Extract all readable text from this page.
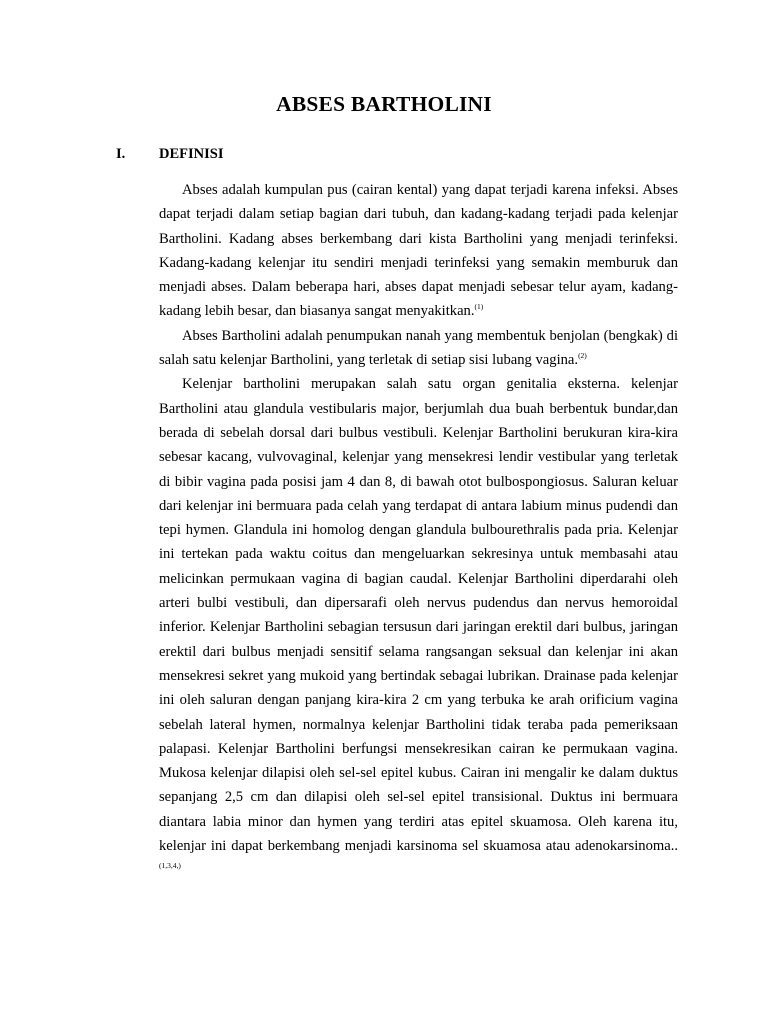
ABSES BARTHOLINI
I. DEFINISI

Abses adalah kumpulan pus (cairan kental) yang dapat terjadi karena infeksi. Abses dapat terjadi dalam setiap bagian dari tubuh, dan kadang-kadang terjadi pada kelenjar Bartholini. Kadang abses berkembang dari kista Bartholini yang menjadi terinfeksi. Kadang-kadang kelenjar itu sendiri menjadi terinfeksi yang semakin memburuk dan menjadi abses. Dalam beberapa hari, abses dapat menjadi sebesar telur ayam, kadang-kadang lebih besar, dan biasanya sangat menyakitkan.$^{(1)}$

Abses Bartholini adalah penumpukan nanah yang membentuk benjolan (bengkak) di salah satu kelenjar Bartholini, yang terletak di setiap sisi lubang vagina.$^{(2)}$

Kelenjar bartholini merupakan salah satu organ genitalia eksterna. kelenjar Bartholini atau glandula vestibularis major, berjumlah dua buah berbentuk bundar,dan berada di sebelah dorsal dari bulbus vestibuli. Kelenjar Bartholini berukuran kira-kira sebesar kacang, vulvovaginal, kelenjar yang mensekresi lendir vestibular yang terletak di bibir vagina pada posisi jam 4 dan 8, di bawah otot bulbospongiosus. Saluran keluar dari kelenjar ini bermuara pada celah yang terdapat di antara labium minus pudendi dan tepi hymen. Glandula ini homolog dengan glandula bulbourethralis pada pria. Kelenjar ini tertekan pada waktu coitus dan mengeluarkan sekresinya untuk membasahi atau melicinkan permukaan vagina di bagian caudal. Kelenjar Bartholini diperdarahi oleh arteri bulbi vestibuli, dan dipersarafi oleh nervus pudendus dan nervus hemoroidal inferior. Kelenjar Bartholini sebagian tersusun dari jaringan erektil dari bulbus, jaringan erektil dari bulbus menjadi sensitif selama rangsangan seksual dan kelenjar ini akan mensekresi sekret yang mukoid yang bertindak sebagai lubrikan. Drainase pada kelenjar ini oleh saluran dengan panjang kira-kira 2 cm yang terbuka ke arah orificium vagina sebelah lateral hymen, normalnya kelenjar Bartholini tidak teraba pada pemeriksaan palapasi. Kelenjar Bartholini berfungsi mensekresikan cairan ke permukaan vagina. Mukosa kelenjar dilapisi oleh sel-sel epitel kubus. Cairan ini mengalir ke dalam duktus sepanjang 2,5 cm dan dilapisi oleh sel-sel epitel transisional. Duktus ini bermuara diantara labia minor dan hymen yang terdiri atas epitel skuamosa. Oleh karena itu, kelenjar ini dapat berkembang menjadi karsinoma sel skuamosa atau adenokarsinoma..$^{(1,3,4,)}$
